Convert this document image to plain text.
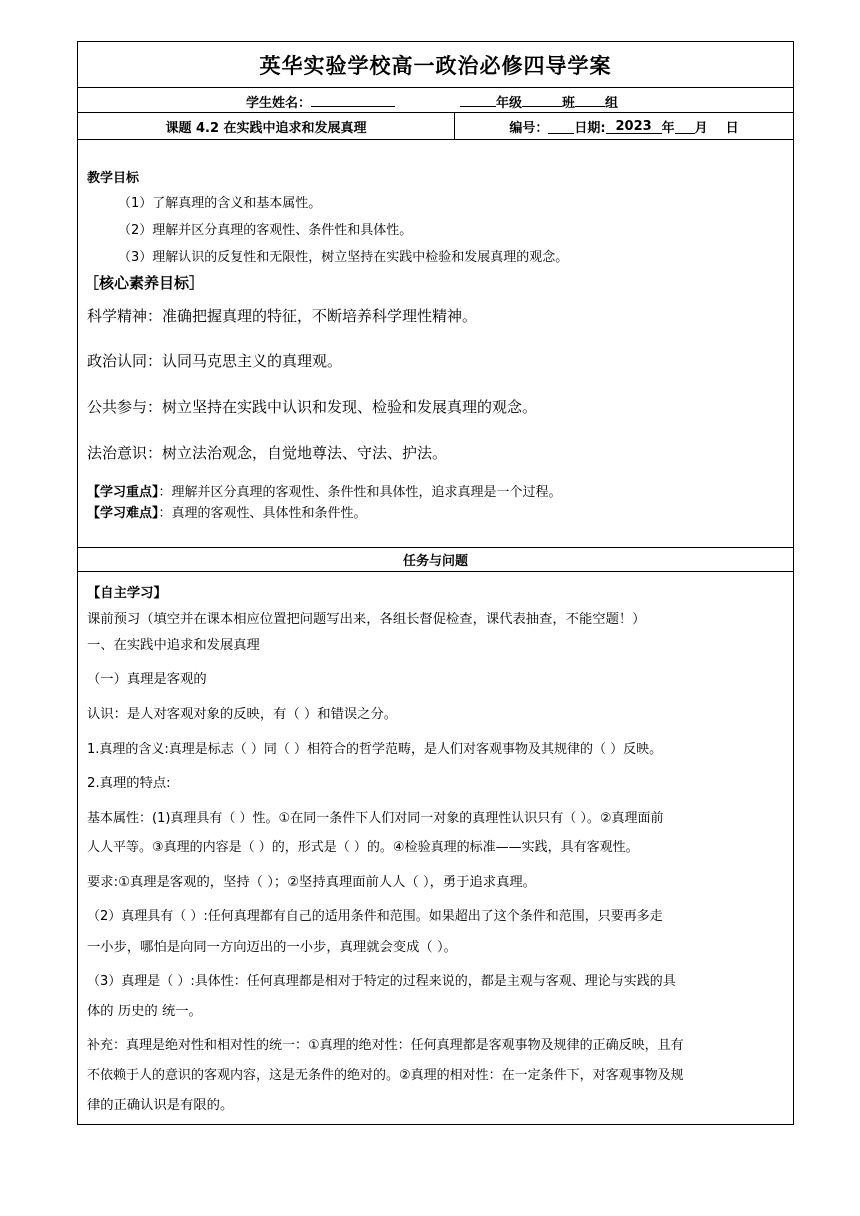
英华实验学校高一政治必修四导学案
学生姓名：	年级	班 组
课题 4.2 在实践中追求和发展真理	编号： 日期: 2023 年 月 日
教学目标
（1）了解真理的含义和基本属性。
（2）理解并区分真理的客观性、条件性和具体性。
（3）理解认识的反复性和无限性，树立坚持在实践中检验和发展真理的观念。
［核心素养目标］
科学精神：准确把握真理的特征，不断培养科学理性精神。
政治认同：认同马克思主义的真理观。
公共参与：树立坚持在实践中认识和发现、检验和发展真理的观念。
法治意识：树立法治观念，自觉地尊法、守法、护法。
【学习重点】：理解并区分真理的客观性、条件性和具体性，追求真理是一个过程。
【学习难点】：真理的客观性、具体性和条件性。
任务与问题
【自主学习】
课前预习（填空并在课本相应位置把问题写出来，各组长督促检查，课代表抽查，不能空题！）
一、在实践中追求和发展真理
（一）真理是客观的
认识：是人对客观对象的反映，有（ ）和错误之分。
1.真理的含义:真理是标志（ ）同（ ）相符合的哲学范畴，是人们对客观事物及其规律的（ ）反映。
2.真理的特点:
基本属性：(1)真理具有（ ）性。①在同一条件下人们对同一对象的真理性认识只有（ ）。②真理面前
人人平等。③真理的内容是（ ）的，形式是（ ）的。④检验真理的标准——实践，具有客观性。
要求:①真理是客观的，坚持（ ）；②坚持真理面前人人（ ），勇于追求真理。
（2）真理具有（ ）:任何真理都有自己的适用条件和范围。如果超出了这个条件和范围，只要再多走
一小步，哪怕是向同一方向迈出的一小步，真理就会变成（ ）。
（3）真理是（ ）:具体性：任何真理都是相对于特定的过程来说的，都是主观与客观、理论与实践的具
体的 历史的 统一。
补充：真理是绝对性和相对性的统一：①真理的绝对性：任何真理都是客观事物及规律的正确反映，且有
不依赖于人的意识的客观内容，这是无条件的绝对的。②真理的相对性：在一定条件下，对客观事物及规
律的正确认识是有限的。
